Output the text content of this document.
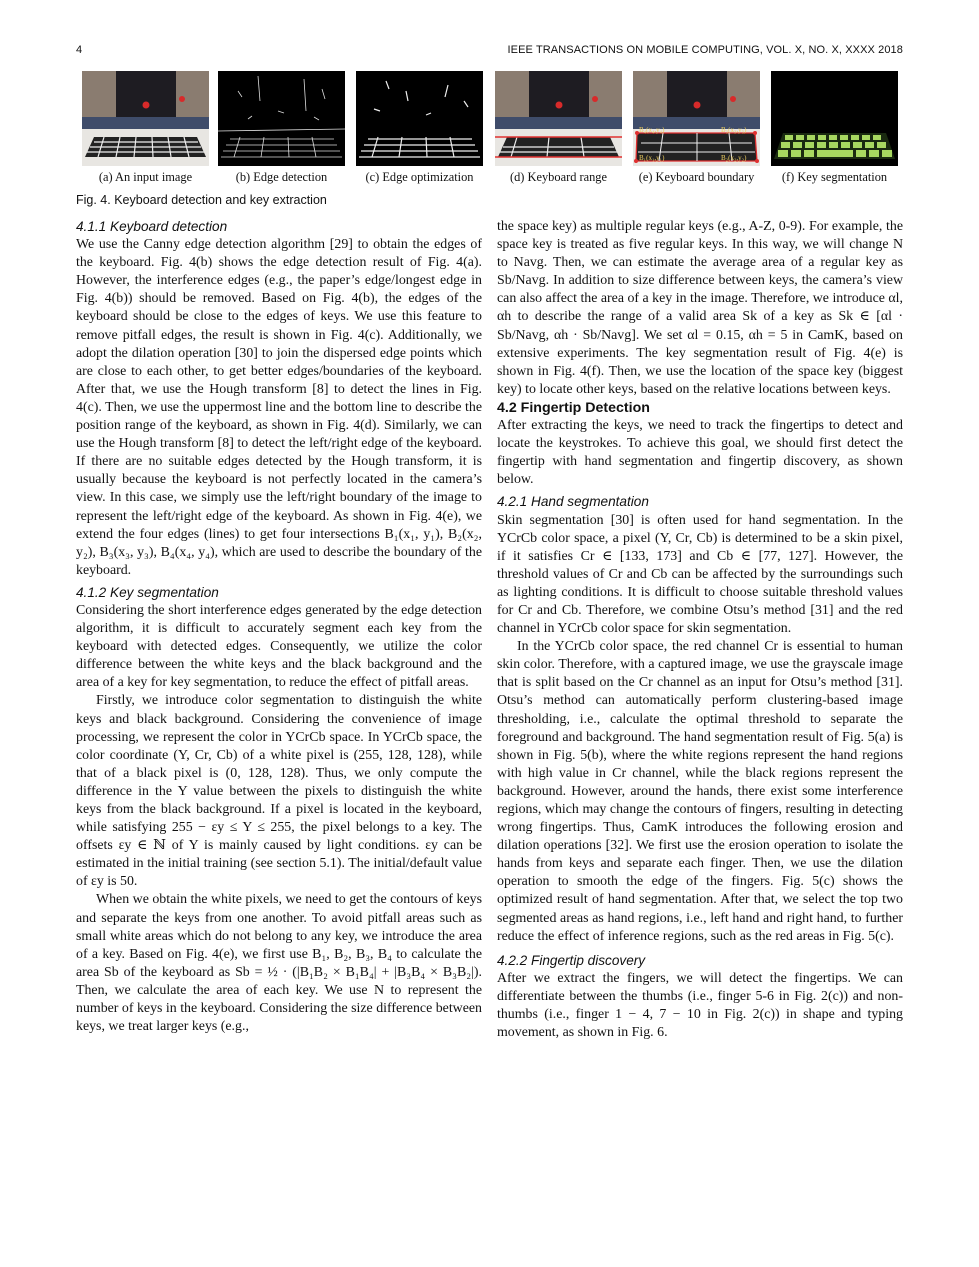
4	IEEE TRANSACTIONS ON MOBILE COMPUTING, VOL. X, NO. X, XXXX 2018
B₄(x₄,y₄)	B₃(x₃,y₃)
B₁(x₁,y₁)	B₂(x₂,y₂)
(a) An input image	(b) Edge detection	(c) Edge optimization	(d) Keyboard range	(e) Keyboard boundary	(f) Key segmentation
Fig. 4. Keyboard detection and key extraction

4.1.1 Keyboard detection

We use the Canny edge detection algorithm [29] to obtain the edges of the keyboard. Fig. 4(b) shows the edge detection result of Fig. 4(a). However, the interference edges (e.g., the paper’s edge/longest edge in Fig. 4(b)) should be removed. Based on Fig. 4(b), the edges of the keyboard should be close to the edges of keys. We use this feature to remove pitfall edges, the result is shown in Fig. 4(c). Additionally, we adopt the dilation operation [30] to join the dispersed edge points which are close to each other, to get better edges/boundaries of the keyboard. After that, we use the Hough transform [8] to detect the lines in Fig. 4(c). Then, we use the uppermost line and the bottom line to describe the position range of the keyboard, as shown in Fig. 4(d). Similarly, we can use the Hough transform [8] to detect the left/right edge of the keyboard. If there are no suitable edges detected by the Hough transform, it is usually because the keyboard is not perfectly located in the camera’s view. In this case, we simply use the left/right boundary of the image to represent the left/right edge of the keyboard. As shown in Fig. 4(e), we extend the four edges (lines) to get four intersections B₁(x₁, y₁), B₂(x₂, y₂), B₃(x₃, y₃), B₄(x₄, y₄), which are used to describe the boundary of the keyboard.

4.1.2 Key segmentation

Considering the short interference edges generated by the edge detection algorithm, it is difficult to accurately segment each key from the keyboard with detected edges. Consequently, we utilize the color difference between the white keys and the black background and the area of a key for key segmentation, to reduce the effect of pitfall areas.

Firstly, we introduce color segmentation to distinguish the white keys and black background. Considering the convenience of image processing, we represent the color in YCrCb space. In YCrCb space, the color coordinate (Y, Cr, Cb) of a white pixel is (255, 128, 128), while that of a black pixel is (0, 128, 128). Thus, we only compute the difference in the Y value between the pixels to distinguish the white keys from the black background. If a pixel is located in the keyboard, while satisfying 255 − εy ≤ Y ≤ 255, the pixel belongs to a key. The offsets εy ∈ ℕ of Y is mainly caused by light conditions. εy can be estimated in the initial training (see section 5.1). The initial/default value of εy is 50.

When we obtain the white pixels, we need to get the contours of keys and separate the keys from one another. To avoid pitfall areas such as small white areas which do not belong to any key, we introduce the area of a key. Based on Fig. 4(e), we first use B₁, B₂, B₃, B₄ to calculate the area Sb of the keyboard as Sb = ½ · (|B₁B₂ × B₁B₄| + |B₃B₄ × B₃B₂|). Then, we calculate the area of each key. We use N to represent the number of keys in the keyboard. Considering the size difference between keys, we treat larger keys (e.g.,

the space key) as multiple regular keys (e.g., A-Z, 0-9). For example, the space key is treated as five regular keys. In this way, we will change N to Navg. Then, we can estimate the average area of a regular key as Sb/Navg. In addition to size difference between keys, the camera’s view can also affect the area of a key in the image. Therefore, we introduce αl, αh to describe the range of a valid area Sk of a key as Sk ∈ [αl · Sb/Navg, αh · Sb/Navg]. We set αl = 0.15, αh = 5 in CamK, based on extensive experiments. The key segmentation result of Fig. 4(e) is shown in Fig. 4(f). Then, we use the location of the space key (biggest key) to locate other keys, based on the relative locations between keys.

4.2 Fingertip Detection

After extracting the keys, we need to track the fingertips to detect and locate the keystrokes. To achieve this goal, we should first detect the fingertip with hand segmentation and fingertip discovery, as shown below.

4.2.1 Hand segmentation

Skin segmentation [30] is often used for hand segmentation. In the YCrCb color space, a pixel (Y, Cr, Cb) is determined to be a skin pixel, if it satisfies Cr ∈ [133, 173] and Cb ∈ [77, 127]. However, the threshold values of Cr and Cb can be affected by the surroundings such as lighting conditions. It is difficult to choose suitable threshold values for Cr and Cb. Therefore, we combine Otsu’s method [31] and the red channel in YCrCb color space for skin segmentation.

In the YCrCb color space, the red channel Cr is essential to human skin color. Therefore, with a captured image, we use the grayscale image that is split based on the Cr channel as an input for Otsu’s method [31]. Otsu’s method can automatically perform clustering-based image thresholding, i.e., calculate the optimal threshold to separate the foreground and background. The hand segmentation result of Fig. 5(a) is shown in Fig. 5(b), where the white regions represent the hand regions with high value in Cr channel, while the black regions represent the background. However, around the hands, there exist some interference regions, which may change the contours of fingers, resulting in detecting wrong fingertips. Thus, CamK introduces the following erosion and dilation operations [32]. We first use the erosion operation to isolate the hands from keys and separate each finger. Then, we use the dilation operation to smooth the edge of the fingers. Fig. 5(c) shows the optimized result of hand segmentation. After that, we select the top two segmented areas as hand regions, i.e., left hand and right hand, to further reduce the effect of inference regions, such as the red areas in Fig. 5(c).

4.2.2 Fingertip discovery

After we extract the fingers, we will detect the fingertips. We can differentiate between the thumbs (i.e., finger 5-6 in Fig. 2(c)) and non-thumbs (i.e., finger 1 − 4, 7 − 10 in Fig. 2(c)) in shape and typing movement, as shown in Fig. 6.
